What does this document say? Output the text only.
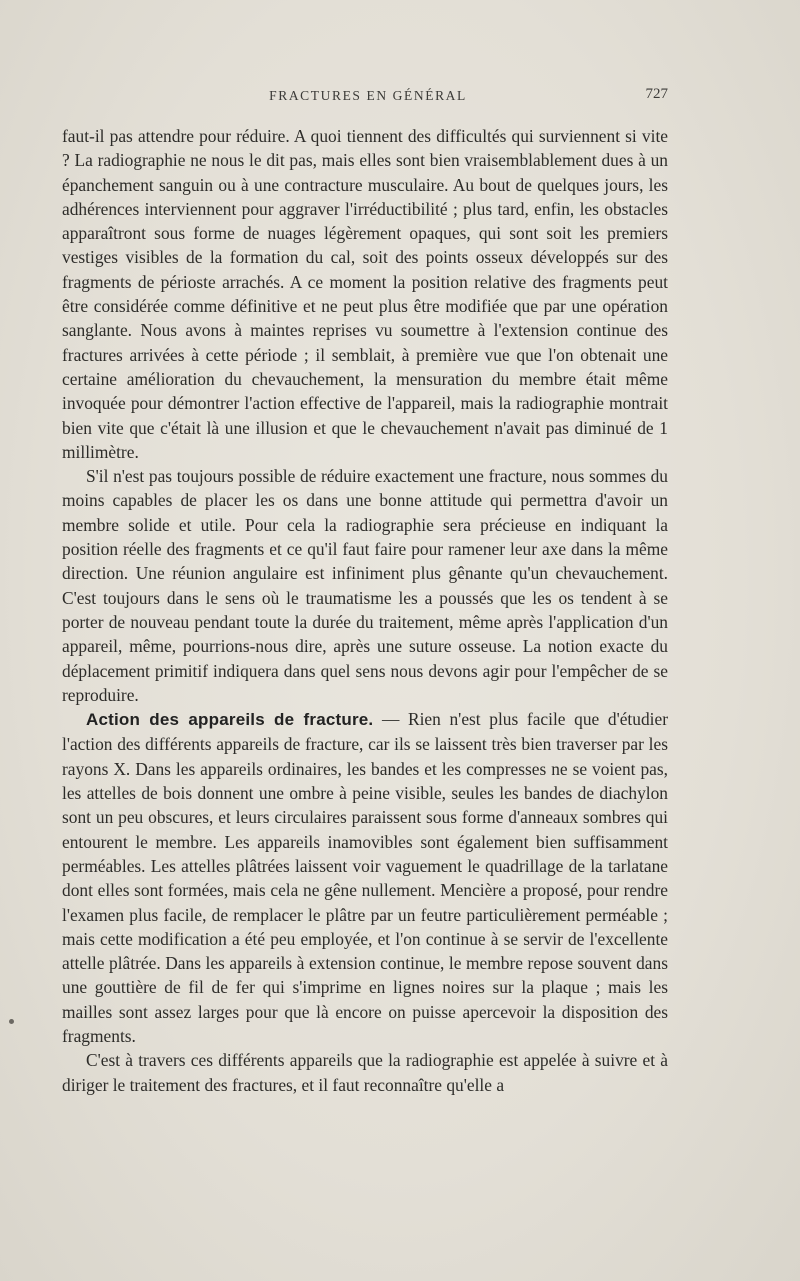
FRACTURES EN GÉNÉRAL	727

faut-il pas attendre pour réduire. A quoi tiennent des difficultés qui surviennent si vite ? La radiographie ne nous le dit pas, mais elles sont bien vraisemblablement dues à un épanchement sanguin ou à une contracture musculaire. Au bout de quelques jours, les adhérences interviennent pour aggraver l'irréductibilité ; plus tard, enfin, les obstacles apparaîtront sous forme de nuages légèrement opaques, qui sont soit les premiers vestiges visibles de la formation du cal, soit des points osseux développés sur des fragments de périoste arrachés. A ce moment la position relative des fragments peut être considérée comme définitive et ne peut plus être modifiée que par une opération sanglante. Nous avons à maintes reprises vu soumettre à l'extension continue des fractures arrivées à cette période ; il semblait, à première vue que l'on obtenait une certaine amélioration du chevauchement, la mensuration du membre était même invoquée pour démontrer l'action effective de l'appareil, mais la radiographie montrait bien vite que c'était là une illusion et que le chevauchement n'avait pas diminué de 1 millimètre.

S'il n'est pas toujours possible de réduire exactement une fracture, nous sommes du moins capables de placer les os dans une bonne attitude qui permettra d'avoir un membre solide et utile. Pour cela la radiographie sera précieuse en indiquant la position réelle des fragments et ce qu'il faut faire pour ramener leur axe dans la même direction. Une réunion angulaire est infiniment plus gênante qu'un chevauchement. C'est toujours dans le sens où le traumatisme les a poussés que les os tendent à se porter de nouveau pendant toute la durée du traitement, même après l'application d'un appareil, même, pourrions-nous dire, après une suture osseuse. La notion exacte du déplacement primitif indiquera dans quel sens nous devons agir pour l'empêcher de se reproduire.

Action des appareils de fracture. — Rien n'est plus facile que d'étudier l'action des différents appareils de fracture, car ils se laissent très bien traverser par les rayons X. Dans les appareils ordinaires, les bandes et les compresses ne se voient pas, les attelles de bois donnent une ombre à peine visible, seules les bandes de diachylon sont un peu obscures, et leurs circulaires paraissent sous forme d'anneaux sombres qui entourent le membre. Les appareils inamovibles sont également bien suffisamment perméables. Les attelles plâtrées laissent voir vaguement le quadrillage de la tarlatane dont elles sont formées, mais cela ne gêne nullement. Mencière a proposé, pour rendre l'examen plus facile, de remplacer le plâtre par un feutre particulièrement perméable ; mais cette modification a été peu employée, et l'on continue à se servir de l'excellente attelle plâtrée. Dans les appareils à extension continue, le membre repose souvent dans une gouttière de fil de fer qui s'imprime en lignes noires sur la plaque ; mais les mailles sont assez larges pour que là encore on puisse apercevoir la disposition des fragments.

C'est à travers ces différents appareils que la radiographie est appelée à suivre et à diriger le traitement des fractures, et il faut reconnaître qu'elle a
